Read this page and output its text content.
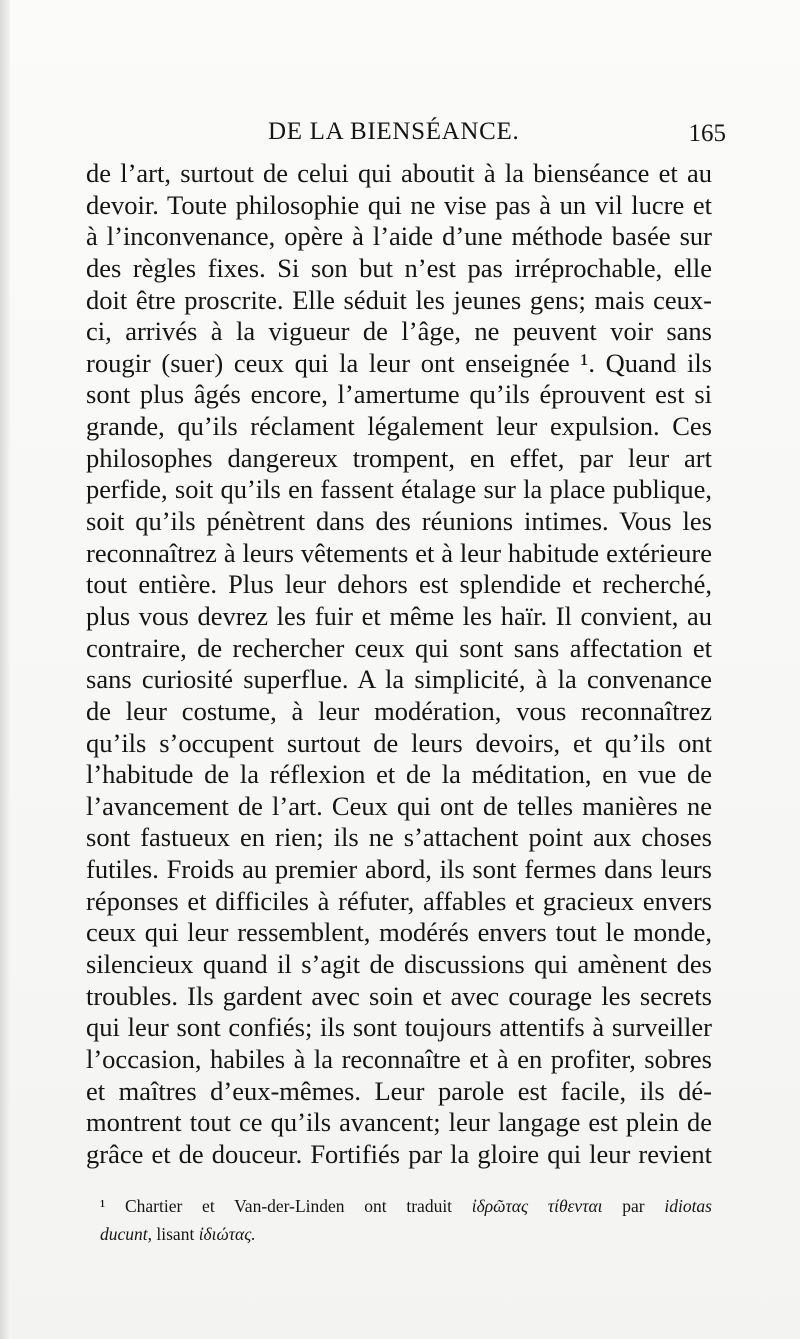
DE LA BIENSÉANCE.	165
de l’art, surtout de celui qui aboutit à la bienséance et au
devoir. Toute philosophie qui ne vise pas à un vil lucre et
à l’inconvenance, opère à l’aide d’une méthode basée sur
des règles fixes. Si son but n’est pas irréprochable, elle
doit être proscrite. Elle séduit les jeunes gens; mais ceux-
ci, arrivés à la vigueur de l’âge, ne peuvent voir sans
rougir (suer) ceux qui la leur ont enseignée ¹. Quand ils
sont plus âgés encore, l’amertume qu’ils éprouvent est si
grande, qu’ils réclament légalement leur expulsion. Ces
philosophes dangereux trompent, en effet, par leur art
perfide, soit qu’ils en fassent étalage sur la place publique,
soit qu’ils pénètrent dans des réunions intimes. Vous les
reconnaîtrez à leurs vêtements et à leur habitude extérieure
tout entière. Plus leur dehors est splendide et recherché,
plus vous devrez les fuir et même les haïr. Il convient, au
contraire, de rechercher ceux qui sont sans affectation et
sans curiosité superflue. A la simplicité, à la convenance
de leur costume, à leur modération, vous reconnaîtrez
qu’ils s’occupent surtout de leurs devoirs, et qu’ils ont
l’habitude de la réflexion et de la méditation, en vue de
l’avancement de l’art. Ceux qui ont de telles manières ne
sont fastueux en rien; ils ne s’attachent point aux choses
futiles. Froids au premier abord, ils sont fermes dans leurs
réponses et difficiles à réfuter, affables et gracieux envers
ceux qui leur ressemblent, modérés envers tout le monde,
silencieux quand il s’agit de discussions qui amènent des
troubles. Ils gardent avec soin et avec courage les secrets
qui leur sont confiés; ils sont toujours attentifs à surveiller
l’occasion, habiles à la reconnaître et à en profiter, sobres
et maîtres d’eux-mêmes. Leur parole est facile, ils dé-
montrent tout ce qu’ils avancent; leur langage est plein de
grâce et de douceur. Fortifiés par la gloire qui leur revient
¹ Chartier et Van-der-Linden ont traduit ἰδρῶτας τίθενται par idiotas
ducunt, lisant ἰδιώτας.
